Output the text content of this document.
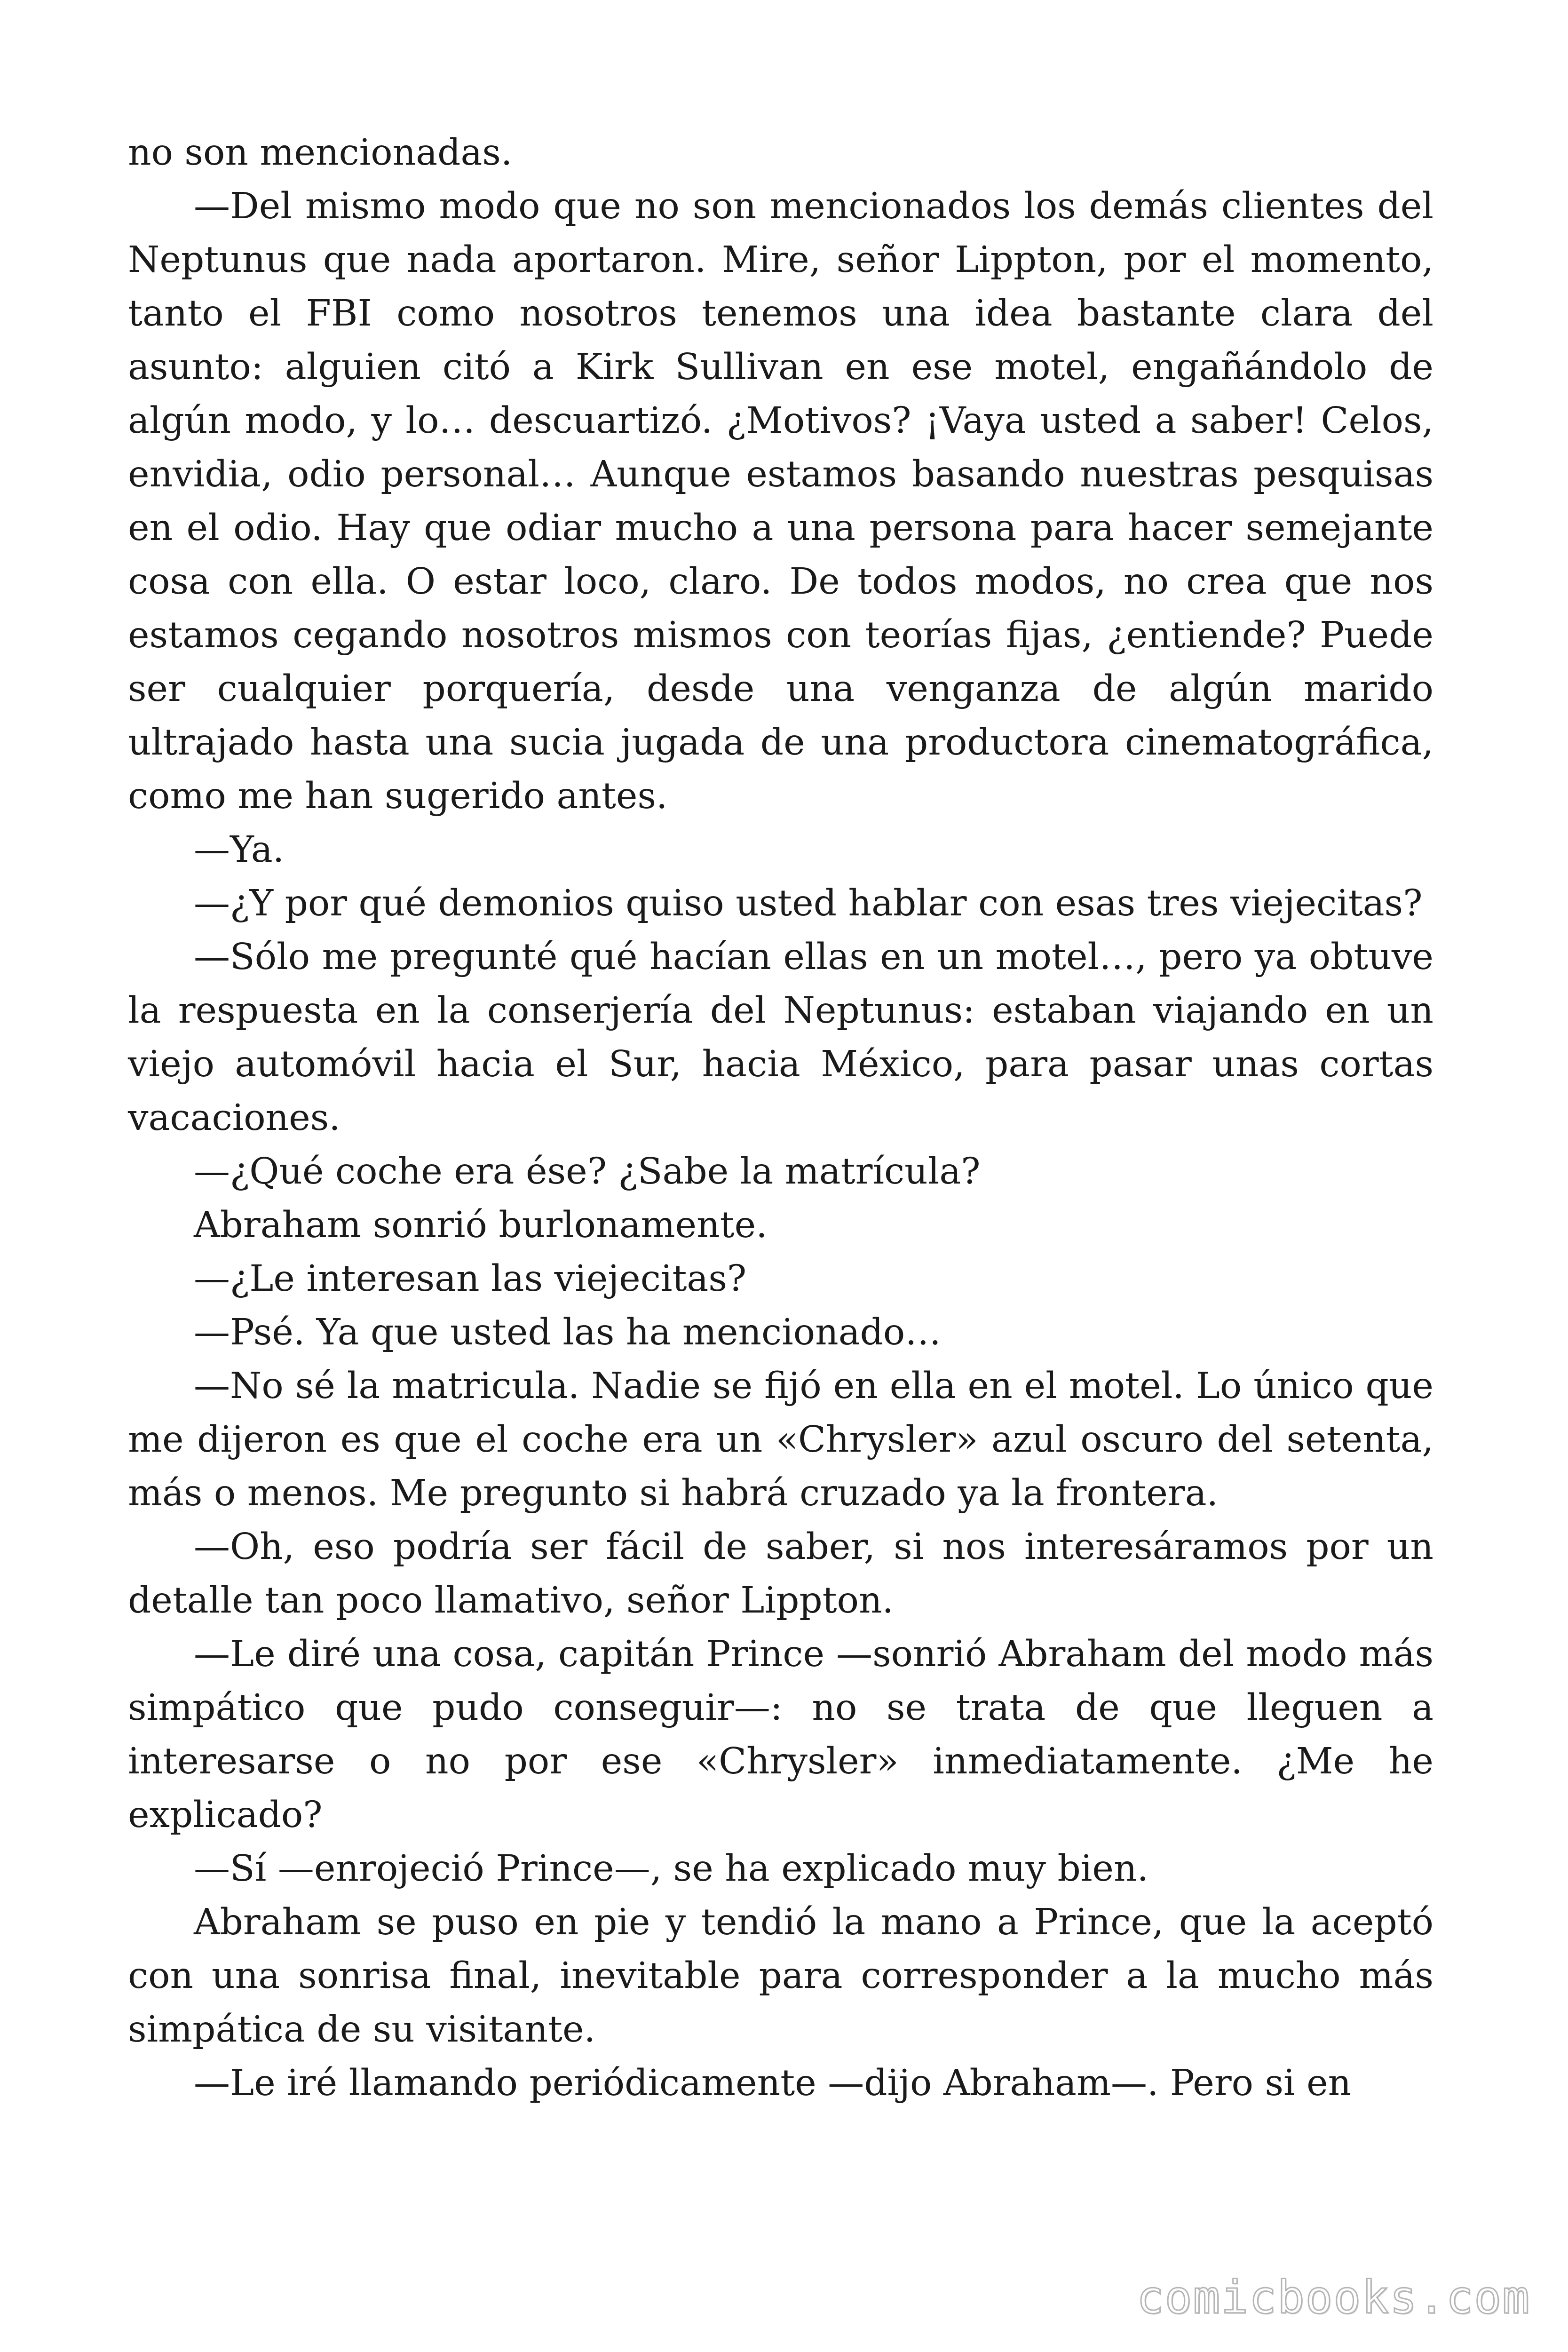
no son mencionadas.

—Del mismo modo que no son mencionados los demás clientes del Neptunus que nada aportaron. Mire, señor Lippton, por el momento, tanto el FBI como nosotros tenemos una idea bastante clara del asunto: alguien citó a Kirk Sullivan en ese motel, engañándolo de algún modo, y lo… descuartizó. ¿Motivos? ¡Vaya usted a saber! Celos, envidia, odio personal… Aunque estamos basando nuestras pesquisas en el odio. Hay que odiar mucho a una persona para hacer semejante cosa con ella. O estar loco, claro. De todos modos, no crea que nos estamos cegando nosotros mismos con teorías fijas, ¿entiende? Puede ser cualquier porquería, desde una venganza de algún marido ultrajado hasta una sucia jugada de una productora cinematográfica, como me han sugerido antes.

—Ya.

—¿Y por qué demonios quiso usted hablar con esas tres viejecitas?

—Sólo me pregunté qué hacían ellas en un motel…, pero ya obtuve la respuesta en la conserjería del Neptunus: estaban viajando en un viejo automóvil hacia el Sur, hacia México, para pasar unas cortas vacaciones.

—¿Qué coche era ése? ¿Sabe la matrícula?

Abraham sonrió burlonamente.

—¿Le interesan las viejecitas?

—Psé. Ya que usted las ha mencionado…

—No sé la matricula. Nadie se fijó en ella en el motel. Lo único que me dijeron es que el coche era un «Chrysler» azul oscuro del setenta, más o menos. Me pregunto si habrá cruzado ya la frontera.

—Oh, eso podría ser fácil de saber, si nos interesáramos por un detalle tan poco llamativo, señor Lippton.

—Le diré una cosa, capitán Prince —sonrió Abraham del modo más simpático que pudo conseguir—: no se trata de que lleguen a interesarse o no por ese «Chrysler» inmediatamente. ¿Me he explicado?

—Sí —enrojeció Prince—, se ha explicado muy bien.

Abraham se puso en pie y tendió la mano a Prince, que la aceptó con una sonrisa final, inevitable para corresponder a la mucho más simpática de su visitante.

—Le iré llamando periódicamente —dijo Abraham—. Pero si en

comicbooks.com
